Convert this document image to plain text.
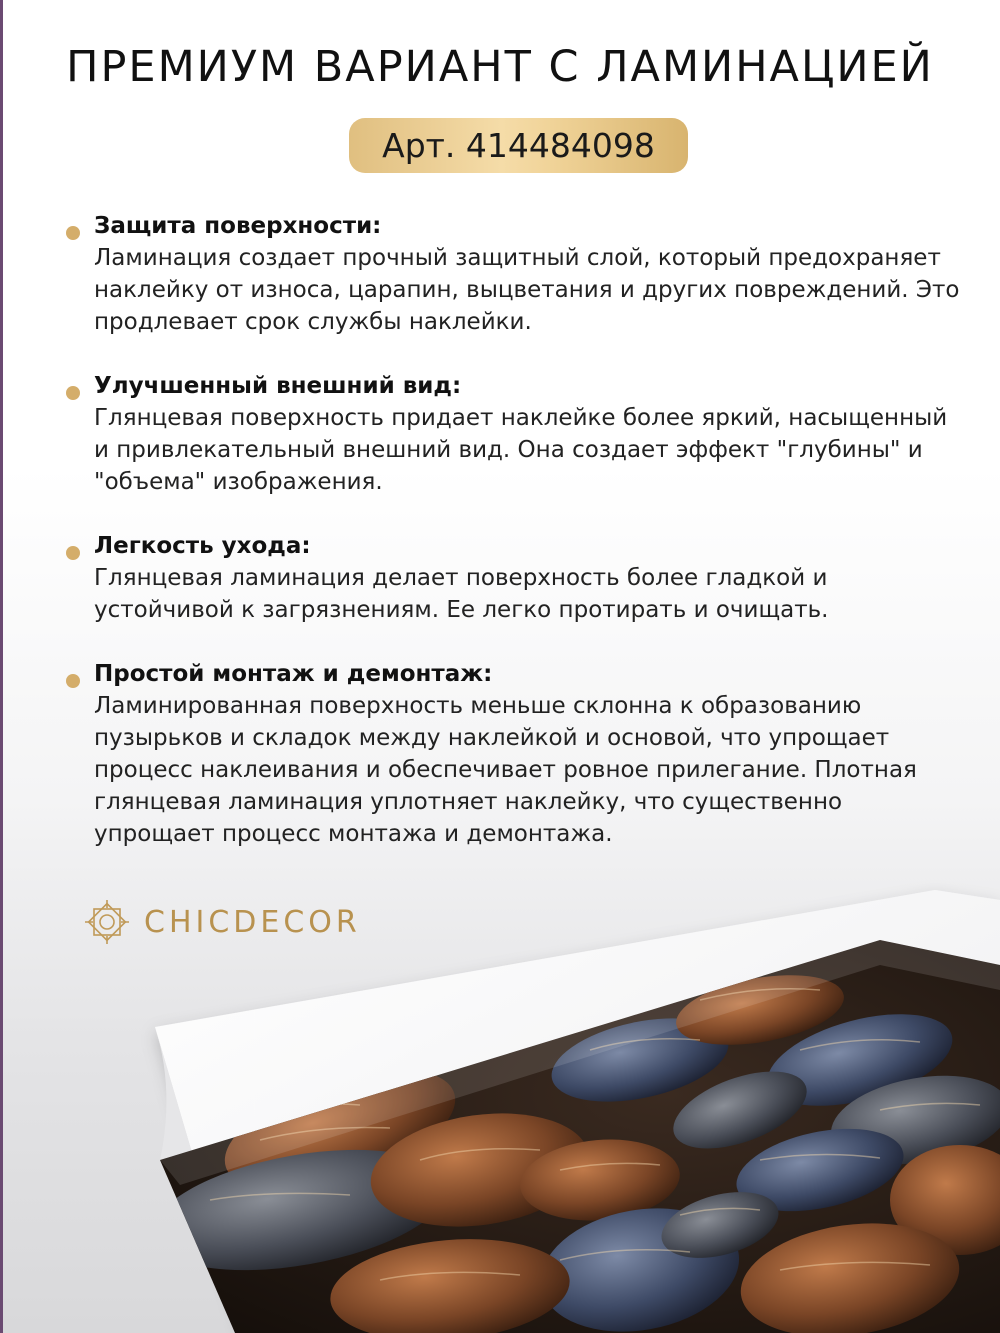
ПРЕМИУМ ВАРИАНТ С ЛАМИНАЦИЕЙ
Арт. 414484098
Защита поверхности:
Ламинация создает прочный защитный слой, который предохраняет наклейку от износа, царапин, выцветания и других повреждений. Это продлевает срок службы наклейки.
Улучшенный внешний вид:
Глянцевая поверхность придает наклейке более яркий, насыщенный и привлекательный внешний вид. Она создает эффект "глубины" и "объема" изображения.
Легкость ухода:
Глянцевая ламинация делает поверхность более гладкой и устойчивой к загрязнениям. Ее легко протирать и очищать.
Простой монтаж и демонтаж:
Ламинированная поверхность меньше склонна к образованию пузырьков и складок между наклейкой и основой, что упрощает процесс наклеивания и обеспечивает ровное прилегание. Плотная глянцевая ламинация уплотняет наклейку, что существенно упрощает процесс монтажа и демонтажа.
CHICDECOR
